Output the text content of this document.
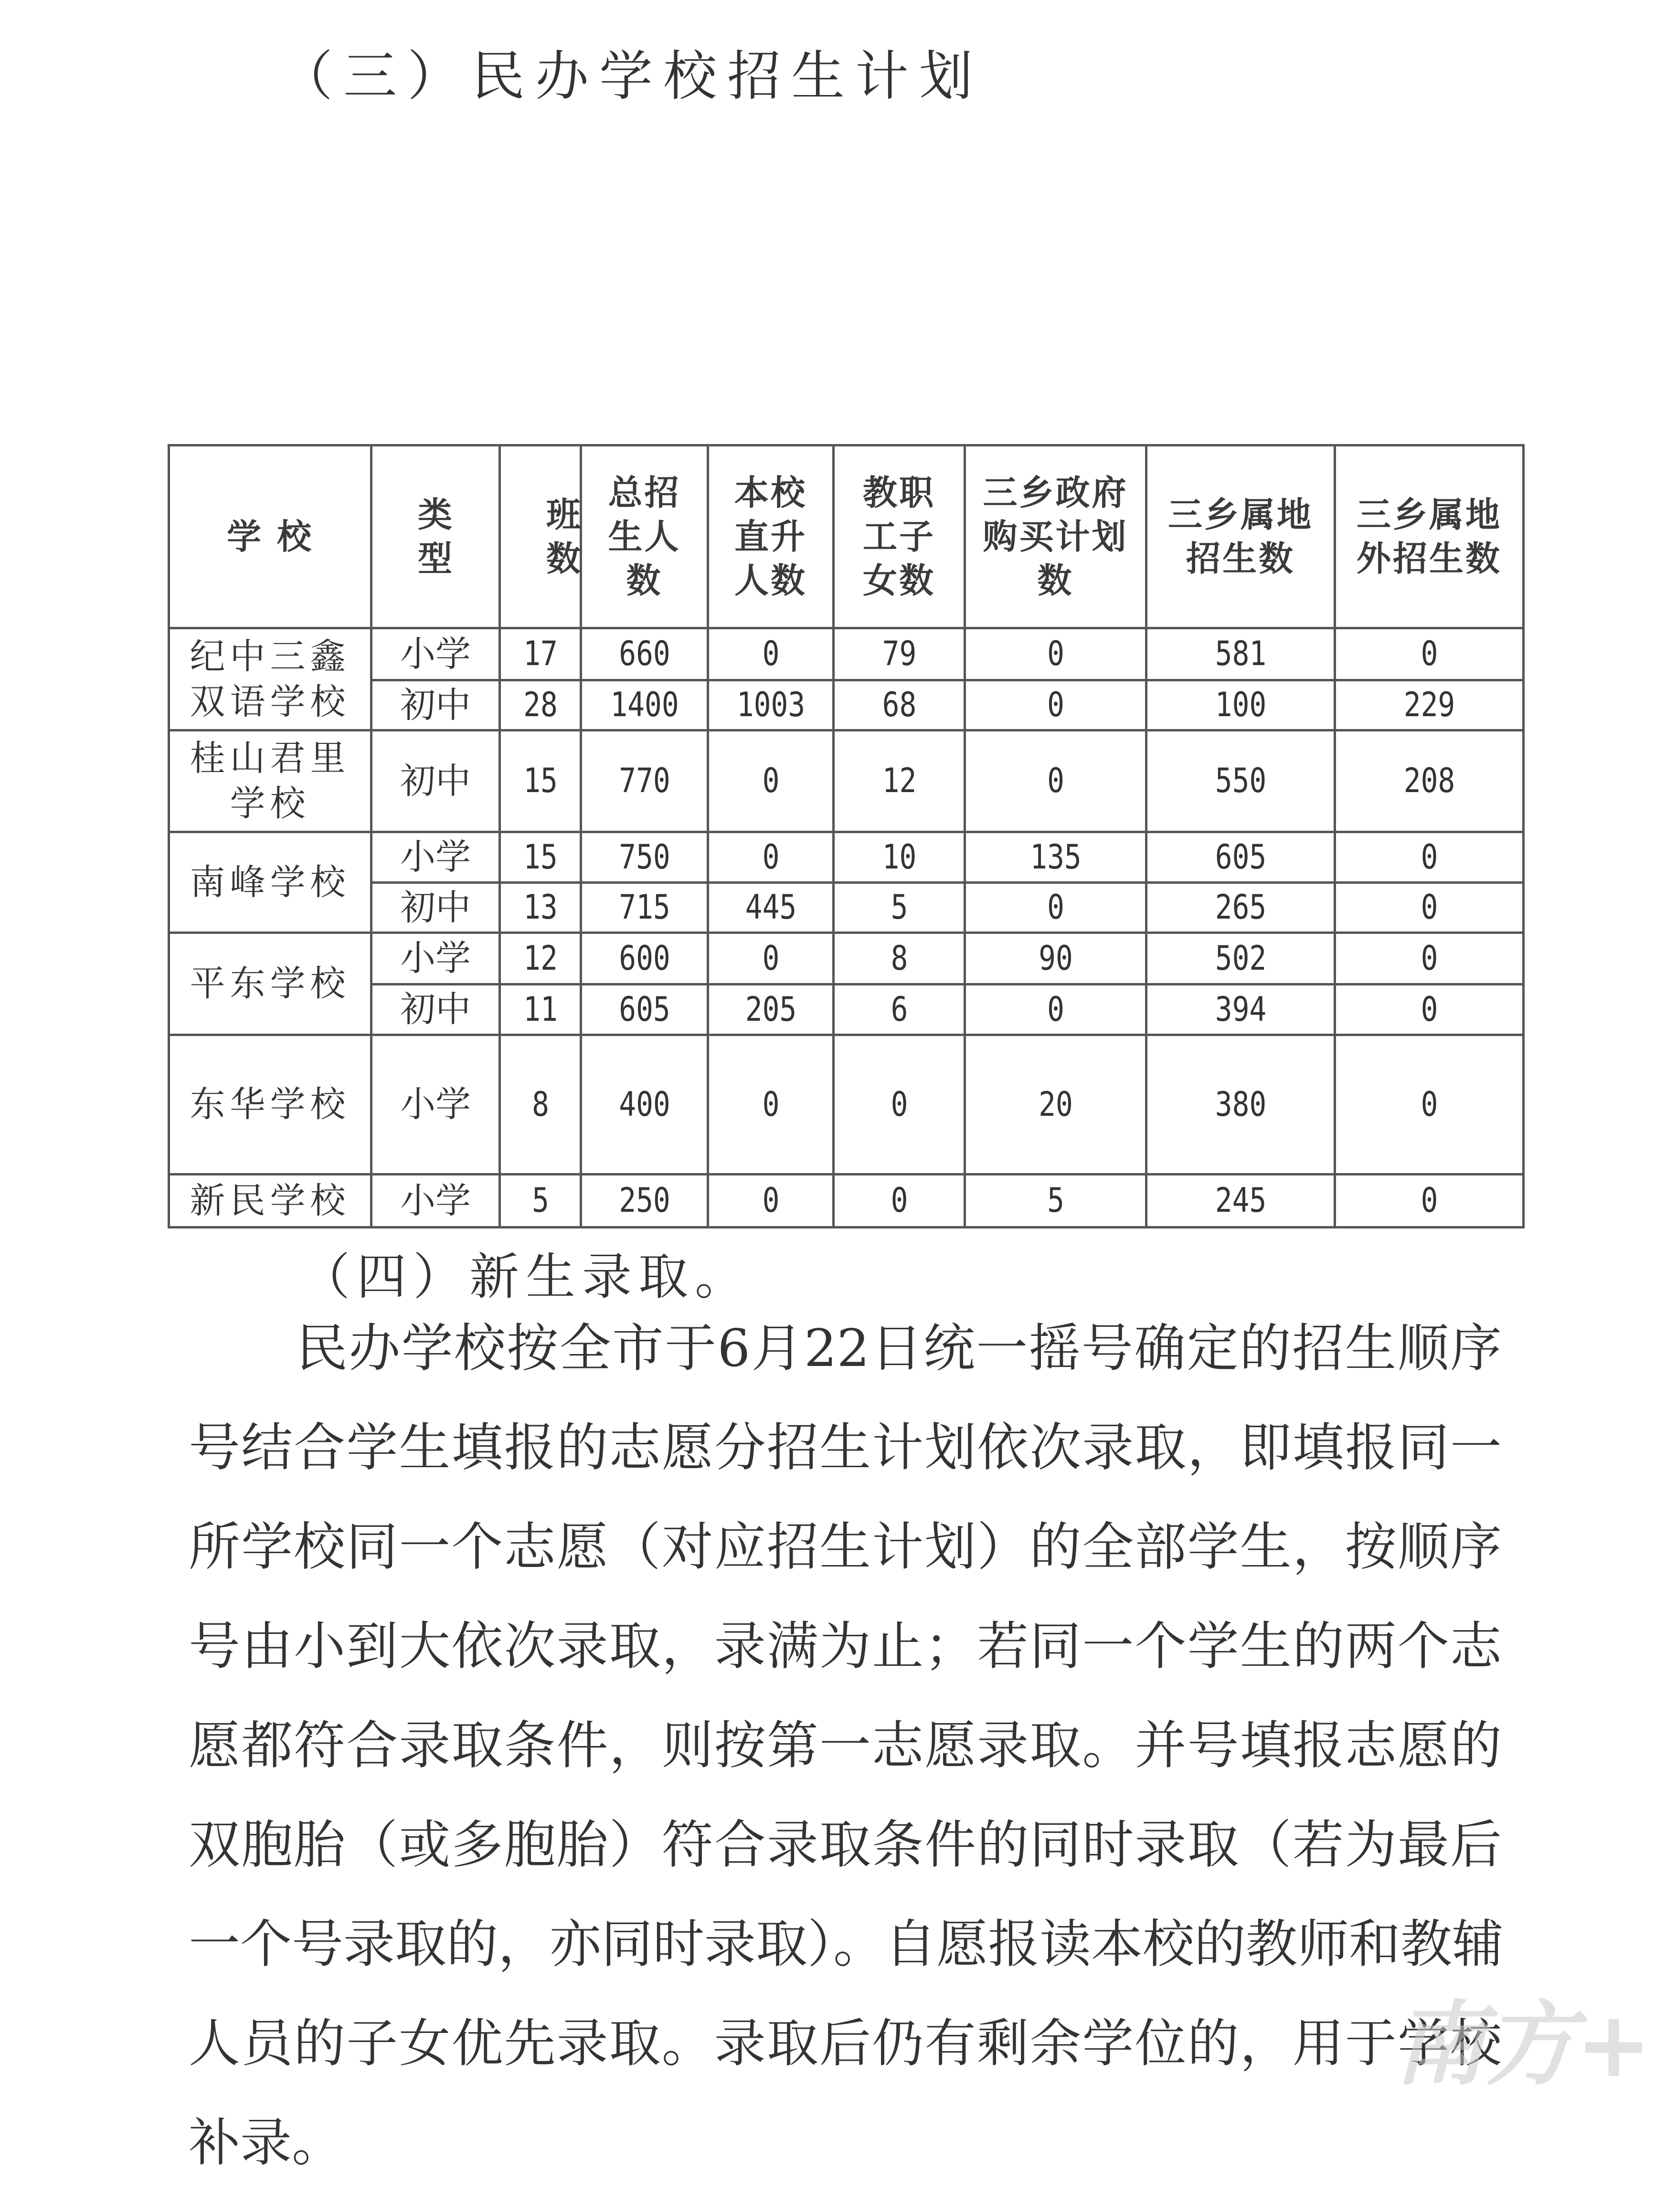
（三）民办学校招生计划
学 校	类型	班数	总招生人数	本校直升人数	教职工子女数	三乡政府购买计划数	三乡属地招生数	三乡属地外招生数
纪中三鑫双语学校	小学	17	660	0	79	0	581	0
	初中	28	1400	1003	68	0	100	229
桂山君里学校	初中	15	770	0	12	0	550	208
南峰学校	小学	15	750	0	10	135	605	0
	初中	13	715	445	5	0	265	0
平东学校	小学	12	600	0	8	90	502	0
	初中	11	605	205	6	0	394	0
东华学校	小学	8	400	0	0	20	380	0
新民学校	小学	5	250	0	0	5	245	0
（四）新生录取。
民办学校按全市于6月22日统一摇号确定的招生顺序
号结合学生填报的志愿分招生计划依次录取，即填报同一
所学校同一个志愿（对应招生计划）的全部学生，按顺序
号由小到大依次录取，录满为止；若同一个学生的两个志
愿都符合录取条件，则按第一志愿录取。并号填报志愿的
双胞胎（或多胞胎）符合录取条件的同时录取（若为最后
一个号录取的，亦同时录取）。自愿报读本校的教师和教辅
人员的子女优先录取。录取后仍有剩余学位的，用于学校
补录。
南方+
